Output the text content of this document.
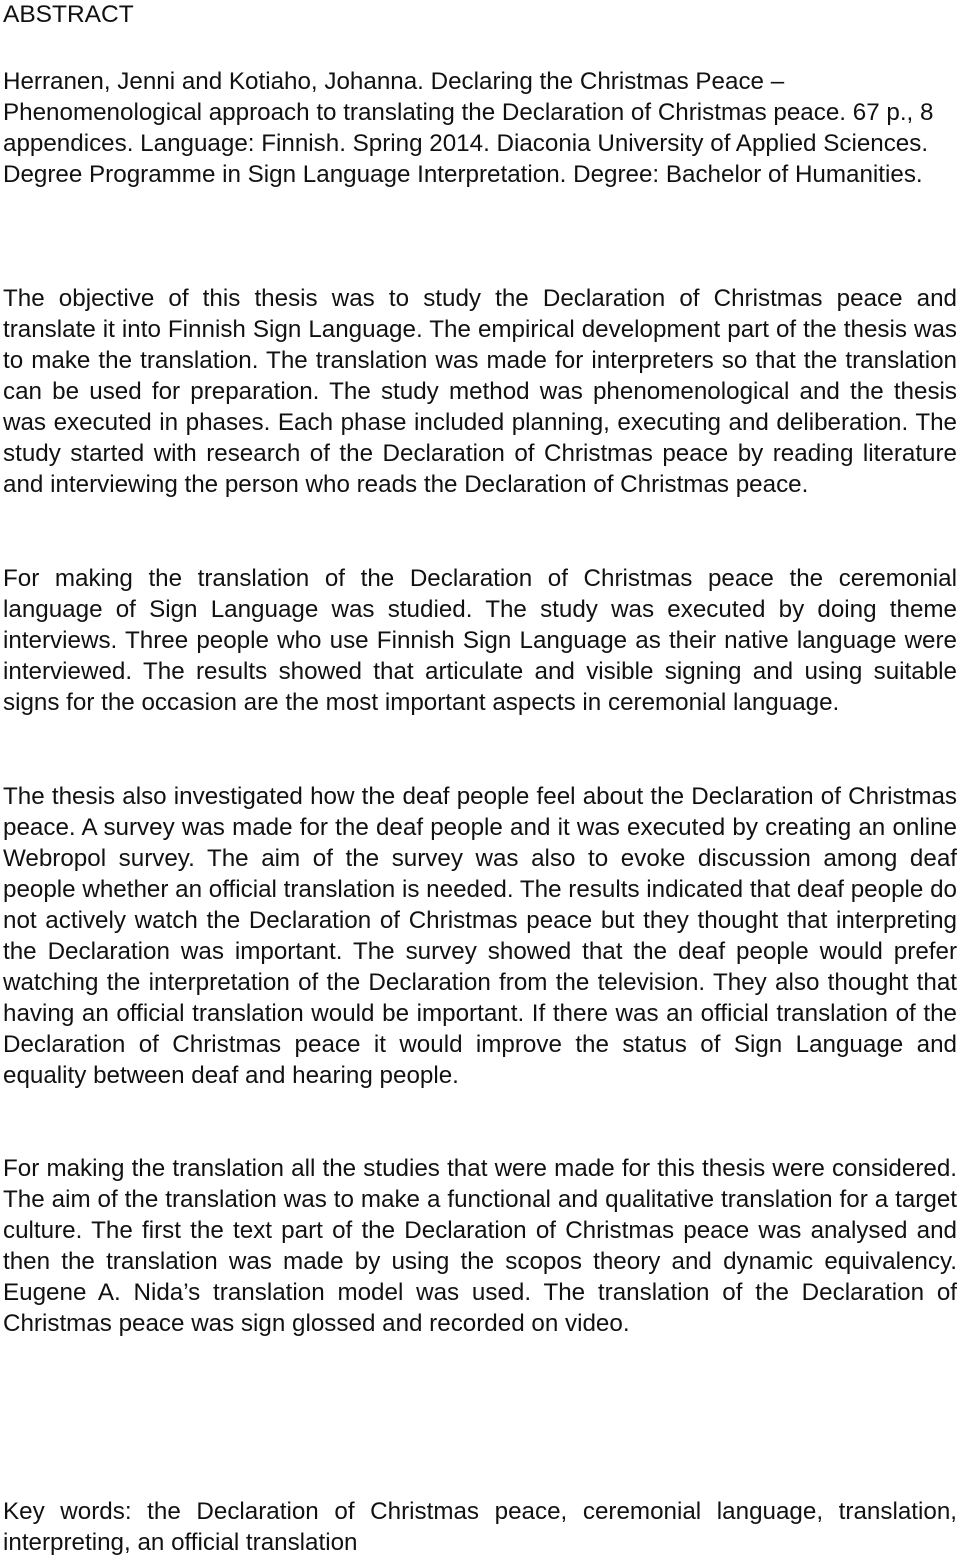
ABSTRACT

Herranen, Jenni and Kotiaho, Johanna. Declaring the Christmas Peace – Phenomenological approach to translating the Declaration of Christmas peace. 67 p., 8 appendices. Language: Finnish. Spring 2014. Diaconia University of Applied Sciences. Degree Programme in Sign Language Interpretation. Degree: Bachelor of Humanities.

The objective of this thesis was to study the Declaration of Christmas peace and translate it into Finnish Sign Language. The empirical development part of the thesis was to make the translation. The translation was made for interpreters so that the translation can be used for preparation. The study method was phenomenological and the thesis was executed in phases. Each phase included planning, executing and deliberation. The study started with research of the Declaration of Christmas peace by reading literature and interviewing the person who reads the Declaration of Christmas peace.

For making the translation of the Declaration of Christmas peace the ceremonial language of Sign Language was studied. The study was executed by doing theme interviews. Three people who use Finnish Sign Language as their native language were interviewed. The results showed that articulate and visible signing and using suitable signs for the occasion are the most important aspects in ceremonial language.

The thesis also investigated how the deaf people feel about the Declaration of Christmas peace. A survey was made for the deaf people and it was executed by creating an online Webropol survey. The aim of the survey was also to evoke discussion among deaf people whether an official translation is needed. The results indicated that deaf people do not actively watch the Declaration of Christmas peace but they thought that interpreting the Declaration was important. The survey showed that the deaf people would prefer watching the interpretation of the Declaration from the television. They also thought that having an official translation would be important. If there was an official translation of the Declaration of Christmas peace it would improve the status of Sign Language and equality between deaf and hearing people.

For making the translation all the studies that were made for this thesis were considered. The aim of the translation was to make a functional and qualitative translation for a target culture. The first the text part of the Declaration of Christmas peace was analysed and then the translation was made by using the scopos theory and dynamic equivalency. Eugene A. Nida’s translation model was used. The translation of the Declaration of Christmas peace was sign glossed and recorded on video.

Key words: the Declaration of Christmas peace, ceremonial language, translation, interpreting, an official translation
